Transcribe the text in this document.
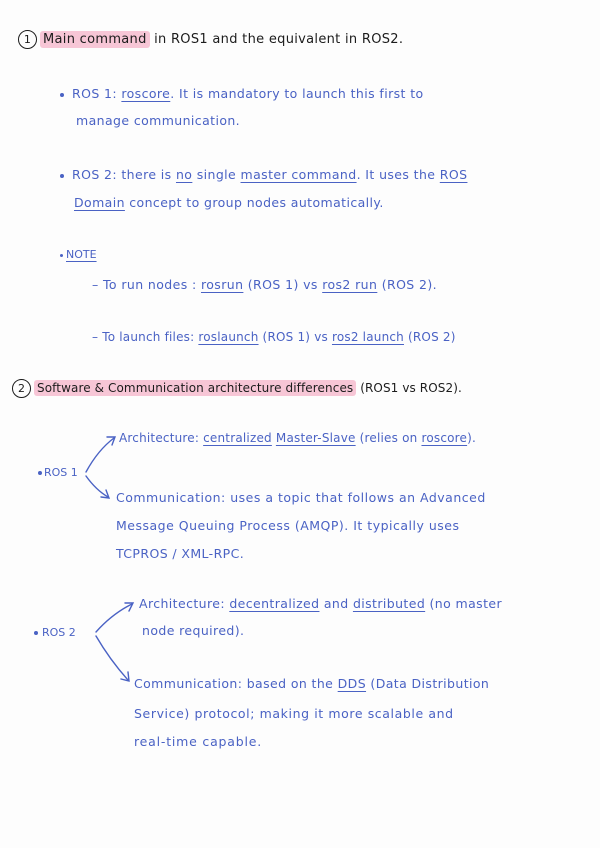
1 Main command in ROS1 and the equivalent in ROS2.
ROS 1: roscore. It is mandatory to launch this first to
manage communication.
ROS 2: there is no single master command. It uses the ROS
Domain concept to group nodes automatically.
NOTE
– To run nodes : rosrun (ROS 1) vs ros2 run (ROS 2).
– To launch files: roslaunch (ROS 1) vs ros2 launch (ROS 2)
2 Software & Communication architecture differences (ROS1 vs ROS2).
ROS 1
Architecture: centralized Master-Slave (relies on roscore).
Communication: uses a topic that follows an Advanced
Message Queuing Process (AMQP). It typically uses
TCPROS / XML-RPC.
ROS 2
Architecture: decentralized and distributed (no master
node required).
Communication: based on the DDS (Data Distribution
Service) protocol; making it more scalable and
real-time capable.
